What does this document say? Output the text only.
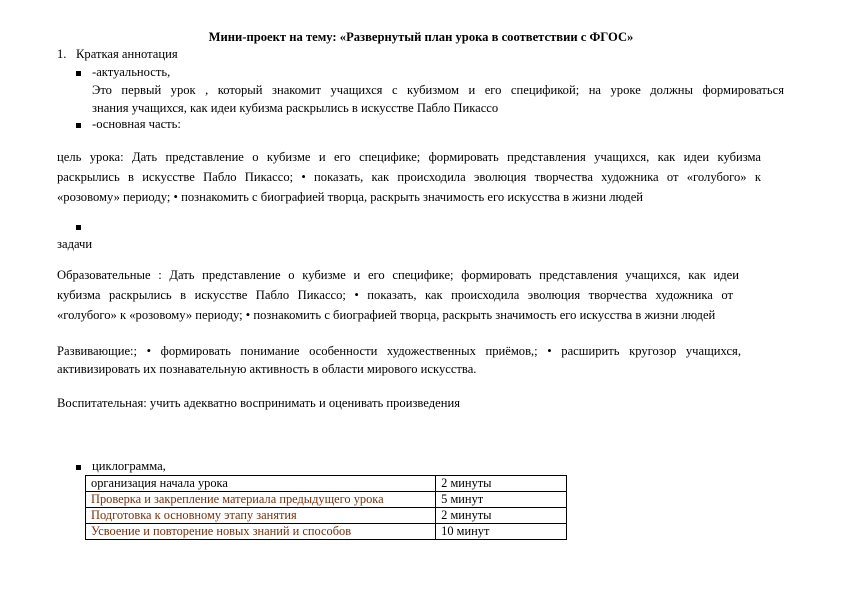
Мини-проект на тему: «Развернутый план урока в соответствии с ФГОС»
1. Краткая аннотация
-актуальность,
Это первый урок , который знакомит учащихся с кубизмом и его спецификой; на уроке должны формироваться
знания учащихся, как идеи кубизма раскрылись в искусстве Пабло Пикассо
-основная часть:
цель урока: Дать представление о кубизме и его специфике; формировать представления учащихся, как идеи кубизма
раскрылись в искусстве Пабло Пикассо; • показать, как происходила эволюция творчества художника от «голубого» к
«розовому» периоду; • познакомить с биографией творца, раскрыть значимость его искусства в жизни людей
задачи
Образовательные : Дать представление о кубизме и его специфике; формировать представления учащихся, как идеи
кубизма раскрылись в искусстве Пабло Пикассо; • показать, как происходила эволюция творчества художника от
«голубого» к «розовому» периоду; • познакомить с биографией творца, раскрыть значимость его искусства в жизни людей
Развивающие:; • формировать понимание особенности художественных приёмов,; • расширить кругозор учащихся,
активизировать их познавательную активность в области мирового искусства.
Воспитательная: учить адекватно воспринимать и оценивать произведения
циклограмма,
организация начала урока	2 минуты
Проверка и закрепление материала предыдущего урока	5 минут
Подготовка к основному этапу занятия	2 минуты
Усвоение и повторение новых знаний и способов	10 минут
